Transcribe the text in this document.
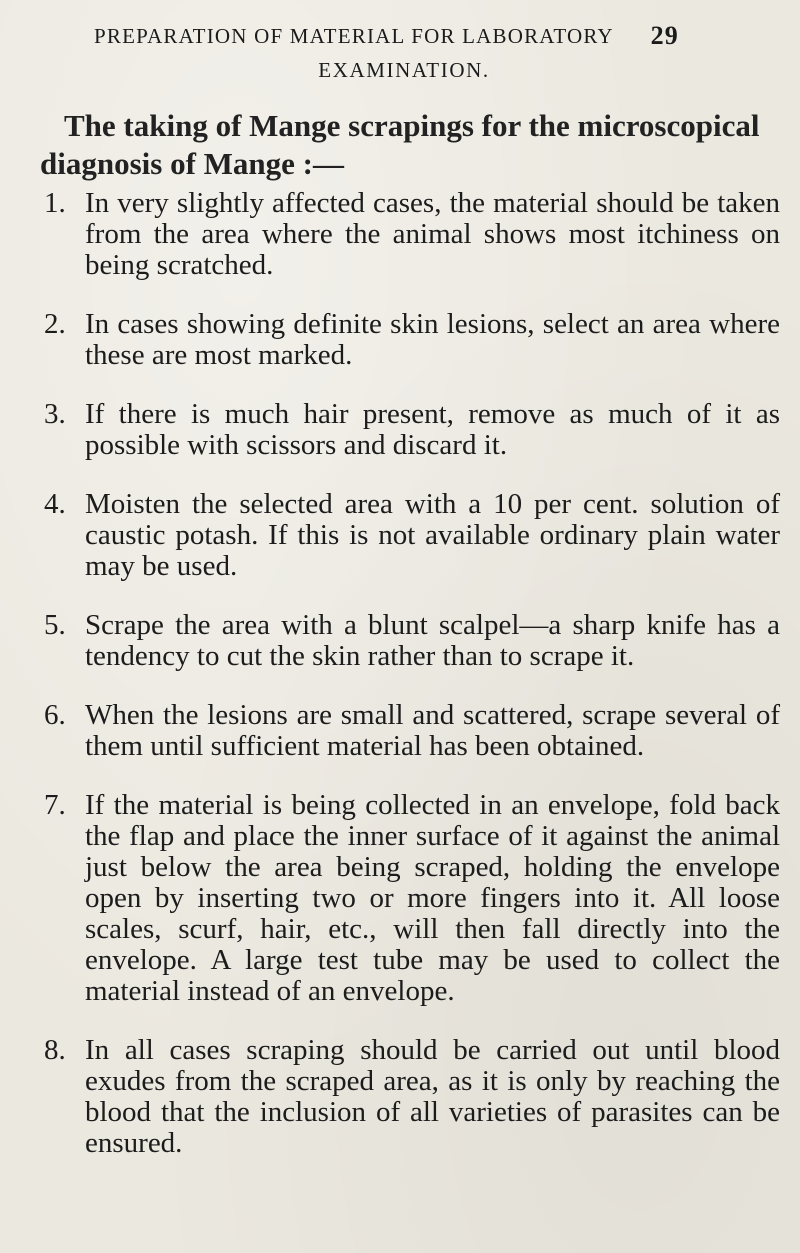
PREPARATION OF MATERIAL FOR LABORATORY 29
EXAMINATION.
The taking of Mange scrapings for the microscopical diagnosis of Mange :—
1. In very slightly affected cases, the material should be taken from the area where the animal shows most itchiness on being scratched.
2. In cases showing definite skin lesions, select an area where these are most marked.
3. If there is much hair present, remove as much of it as possible with scissors and discard it.
4. Moisten the selected area with a 10 per cent. solution of caustic potash. If this is not available ordinary plain water may be used.
5. Scrape the area with a blunt scalpel—a sharp knife has a tendency to cut the skin rather than to scrape it.
6. When the lesions are small and scattered, scrape several of them until sufficient material has been obtained.
7. If the material is being collected in an envelope, fold back the flap and place the inner surface of it against the animal just below the area being scraped, holding the envelope open by inserting two or more fingers into it. All loose scales, scurf, hair, etc., will then fall directly into the envelope. A large test tube may be used to collect the material instead of an envelope.
8. In all cases scraping should be carried out until blood exudes from the scraped area, as it is only by reaching the blood that the inclusion of all varieties of parasites can be ensured.
